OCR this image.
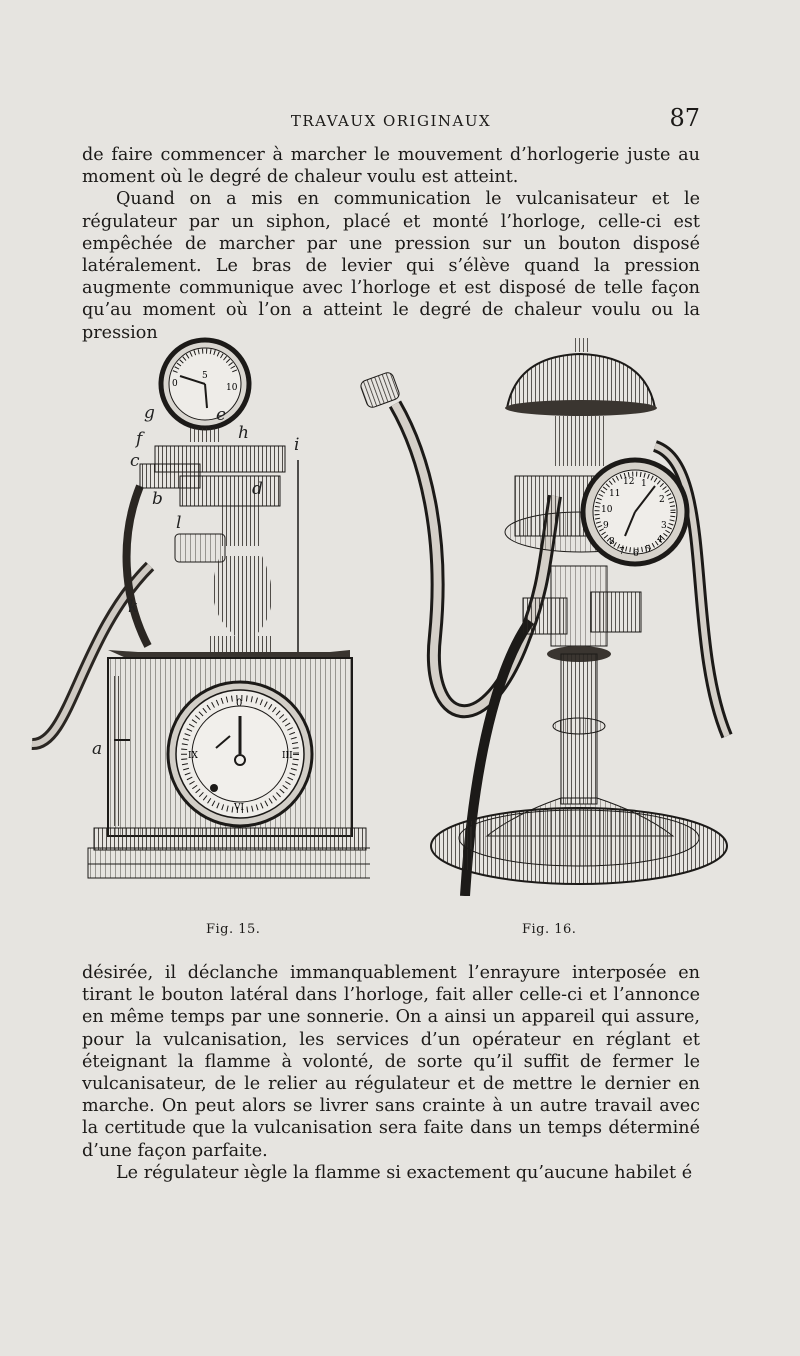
TRAVAUX ORIGINAUX	87

de faire commencer à marcher le mouvement d’horlogerie juste au moment où le degré de chaleur voulu est atteint.

Quand on a mis en communication le vulcanisateur et le régulateur par un siphon, placé et monté l’horloge, celle-ci est empêchée de marcher par une pression sur un bouton disposé latéralement. Le bras de levier qui s’élève quand la pression augmente communique avec l’horloge et est disposé de telle façon qu’au moment où l’on a atteint le degré de chaleur voulu ou la pression

0
5
10
0
III
VI
IX
g	e
f	h
i
c
d
b
l
k
a
10
9
8
7 6 5
4
3
2
1
12
11
Fig. 15.	Fig. 16.

désirée, il déclanche immanquablement l’enrayure interposée en tirant le bouton latéral dans l’horloge, fait aller celle-ci et l’annonce en même temps par une sonnerie. On a ainsi un appareil qui assure, pour la vulcanisation, les services d’un opérateur en réglant et éteignant la flamme à volonté, de sorte qu’il suffit de fermer le vulcanisateur, de le relier au régulateur et de mettre le dernier en marche. On peut alors se livrer sans crainte à un autre travail avec la certitude que la vulcanisation sera faite dans un temps déterminé d’une façon parfaite.

Le régulateur ıègle la flamme si exactement qu’aucune habilet é
